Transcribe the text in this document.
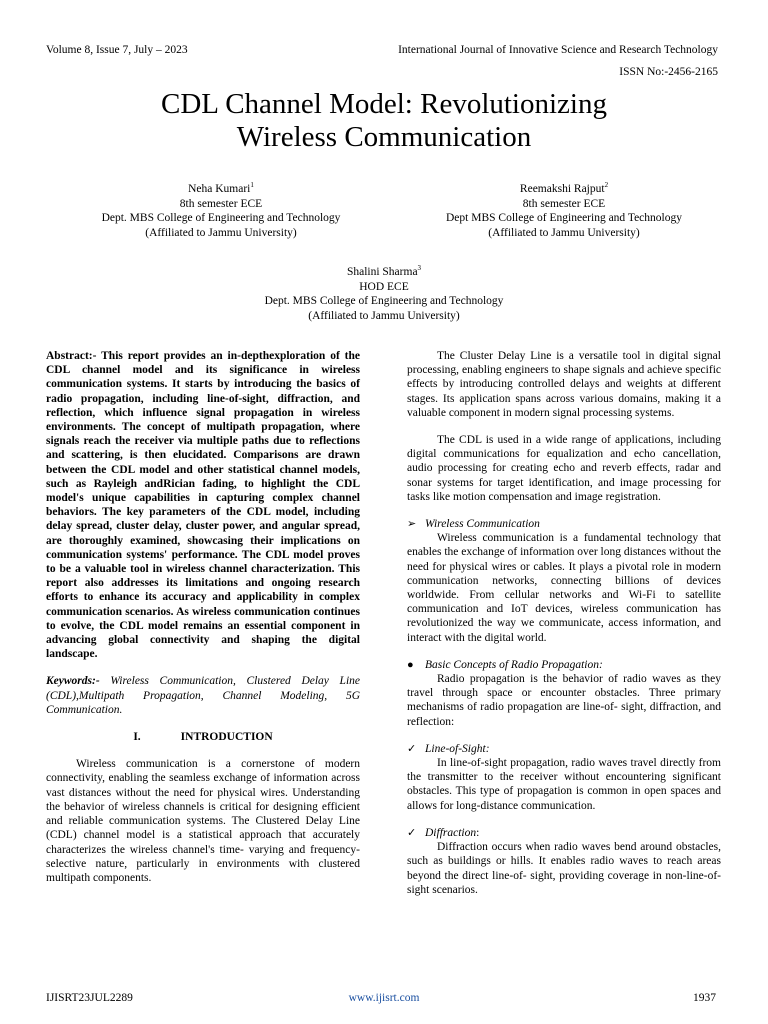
Volume 8, Issue 7, July – 2023	International Journal of Innovative Science and Research Technology
ISSN No:-2456-2165
CDL Channel Model: Revolutionizing
Wireless Communication
Neha Kumari$^1$
8th semester ECE
Dept. MBS College of Engineering and Technology
(Affiliated to Jammu University)
Reemakshi Rajput$^2$
8th semester ECE
Dept MBS College of Engineering and Technology
(Affiliated to Jammu University)
Shalini Sharma$^3$
HOD ECE
Dept. MBS College of Engineering and Technology
(Affiliated to Jammu University)

Abstract:- This report provides an in-depthexploration of the CDL channel model and its significance in wireless communication systems. It starts by introducing the basics of radio propagation, including line-of-sight, diffraction, and reflection, which influence signal propagation in wireless environments. The concept of multipath propagation, where signals reach the receiver via multiple paths due to reflections and scattering, is then elucidated. Comparisons are drawn between the CDL model and other statistical channel models, such as Rayleigh andRician fading, to highlight the CDL model's unique capabilities in capturing complex channel behaviors. The key parameters of the CDL model, including delay spread, cluster delay, cluster power, and angular spread, are thoroughly examined, showcasing their implications on communication systems' performance. The CDL model proves to be a valuable tool in wireless channel characterization. This report also addresses its limitations and ongoing research efforts to enhance its accuracy and applicability in complex communication scenarios. As wireless communication continues to evolve, the CDL model remains an essential component in advancing global connectivity and shaping the digital landscape.

Keywords:- Wireless Communication, Clustered Delay Line (CDL),Multipath Propagation, Channel Modeling, 5G Communication.

I.	INTRODUCTION

Wireless communication is a cornerstone of modern connectivity, enabling the seamless exchange of information across vast distances without the need for physical wires. Understanding the behavior of wireless channels is critical for designing efficient and reliable communication systems. The Clustered Delay Line (CDL) channel model is a statistical approach that accurately characterizes the wireless channel's time- varying and frequency-selective nature, particularly in environments with clustered multipath components.

The Cluster Delay Line is a versatile tool in digital signal processing, enabling engineers to shape signals and achieve specific effects by introducing controlled delays and weights at different stages. Its application spans across various domains, making it a valuable component in modern signal processing systems.

The CDL is used in a wide range of applications, including digital communications for equalization and echo cancellation, audio processing for creating echo and reverb effects, radar and sonar systems for target identification, and image processing for tasks like motion compensation and image registration.

➢ Wireless Communication

Wireless communication is a fundamental technology that enables the exchange of information over long distances without the need for physical wires or cables. It plays a pivotal role in modern communication networks, connecting billions of devices worldwide. From cellular networks and Wi-Fi to satellite communication and IoT devices, wireless communication has revolutionized the way we communicate, access information, and interact with the digital world.

● Basic Concepts of Radio Propagation:

Radio propagation is the behavior of radio waves as they travel through space or encounter obstacles. Three primary mechanisms of radio propagation are line-of- sight, diffraction, and reflection:

✓ Line-of-Sight:

In line-of-sight propagation, radio waves travel directly from the transmitter to the receiver without encountering significant obstacles. This type of propagation is common in open spaces and allows for long-distance communication.

✓ Diffraction:

Diffraction occurs when radio waves bend around obstacles, such as buildings or hills. It enables radio waves to reach areas beyond the direct line-of- sight, providing coverage in non-line-of-sight scenarios.

IJISRT23JUL2289	www.ijisrt.com	1937
